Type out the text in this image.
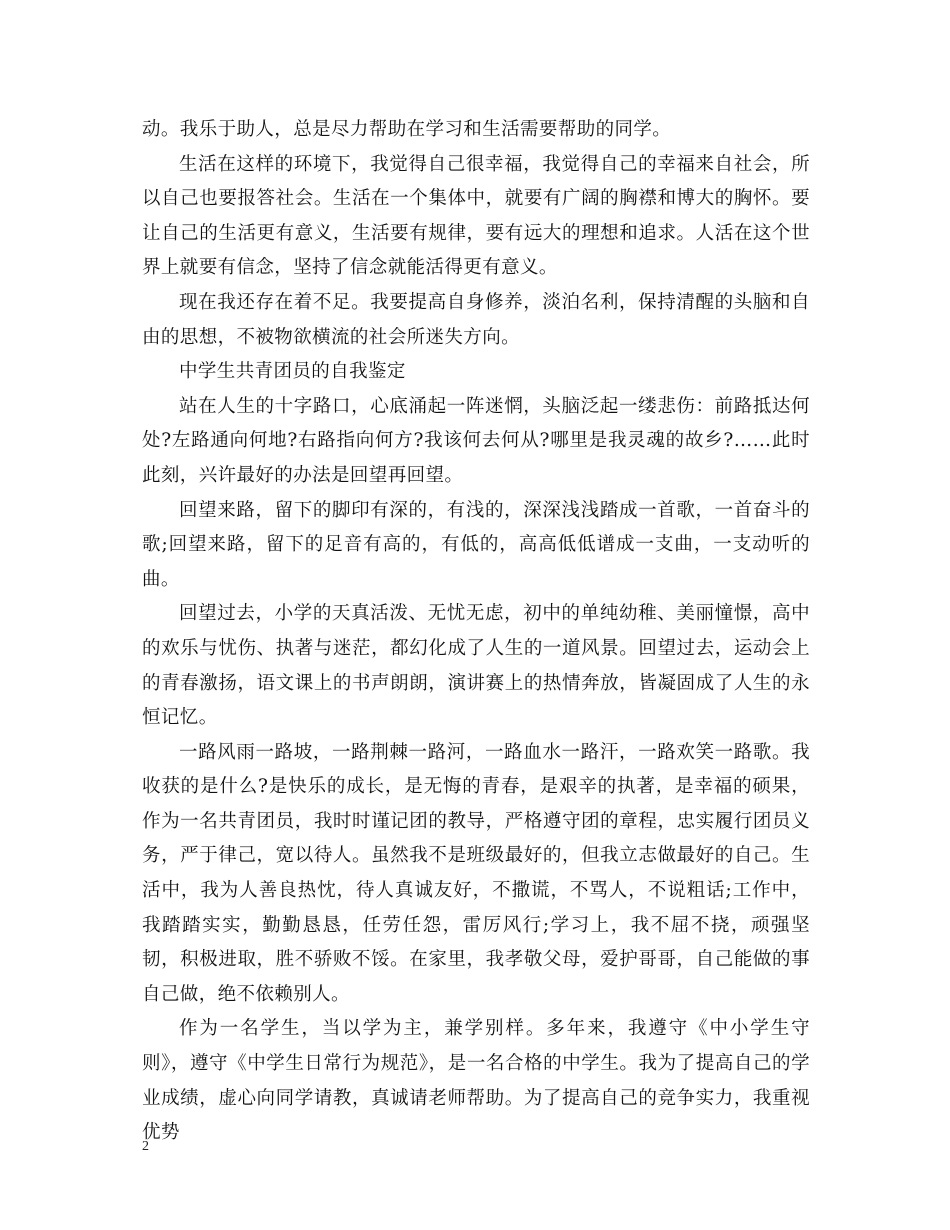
动。我乐于助人，总是尽力帮助在学习和生活需要帮助的同学。

生活在这样的环境下，我觉得自己很幸福，我觉得自己的幸福来自社会，所以自己也要报答社会。生活在一个集体中，就要有广阔的胸襟和博大的胸怀。要让自己的生活更有意义，生活要有规律，要有远大的理想和追求。人活在这个世界上就要有信念，坚持了信念就能活得更有意义。

现在我还存在着不足。我要提高自身修养，淡泊名利，保持清醒的头脑和自由的思想，不被物欲横流的社会所迷失方向。

中学生共青团员的自我鉴定

站在人生的十字路口，心底涌起一阵迷惘，头脑泛起一缕悲伤：前路抵达何处?左路通向何地?右路指向何方?我该何去何从?哪里是我灵魂的故乡?……此时此刻，兴许最好的办法是回望再回望。

回望来路，留下的脚印有深的，有浅的，深深浅浅踏成一首歌，一首奋斗的歌;回望来路，留下的足音有高的，有低的，高高低低谱成一支曲，一支动听的曲。

回望过去，小学的天真活泼、无忧无虑，初中的单纯幼稚、美丽憧憬，高中的欢乐与忧伤、执著与迷茫，都幻化成了人生的一道风景。回望过去，运动会上的青春激扬，语文课上的书声朗朗，演讲赛上的热情奔放，皆凝固成了人生的永恒记忆。

一路风雨一路坡，一路荆棘一路河，一路血水一路汗，一路欢笑一路歌。我收获的是什么?是快乐的成长，是无悔的青春，是艰辛的执著，是幸福的硕果，作为一名共青团员，我时时谨记团的教导，严格遵守团的章程，忠实履行团员义务，严于律己，宽以待人。虽然我不是班级最好的，但我立志做最好的自己。生活中，我为人善良热忱，待人真诚友好，不撒谎，不骂人，不说粗话;工作中，我踏踏实实，勤勤恳恳，任劳任怨，雷厉风行;学习上，我不屈不挠，顽强坚韧，积极进取，胜不骄败不馁。在家里，我孝敬父母，爱护哥哥，自己能做的事自己做，绝不依赖别人。

作为一名学生，当以学为主，兼学别样。多年来，我遵守《中小学生守则》，遵守《中学生日常行为规范》，是一名合格的中学生。我为了提高自己的学业成绩，虚心向同学请教，真诚请老师帮助。为了提高自己的竞争实力，我重视优势

2
